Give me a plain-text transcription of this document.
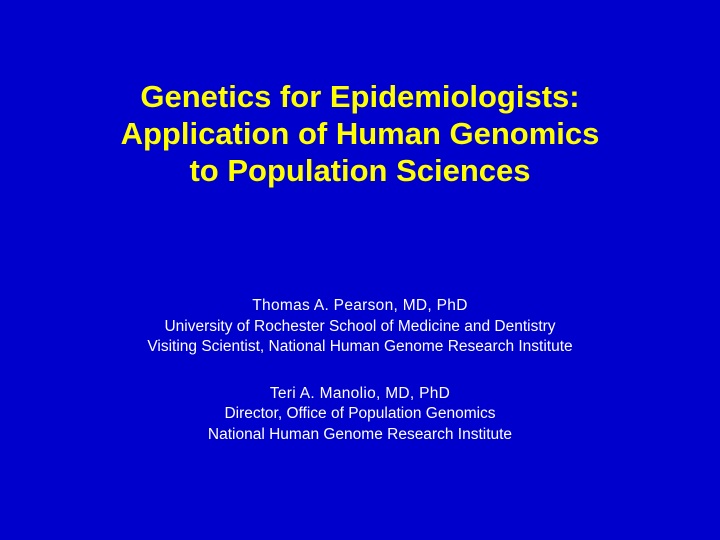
Genetics for Epidemiologists:
Application of Human Genomics
to Population Sciences
Thomas A. Pearson, MD, PhD
University of Rochester School of Medicine and Dentistry
Visiting Scientist, National Human Genome Research Institute
Teri A. Manolio, MD, PhD
Director, Office of Population Genomics
National Human Genome Research Institute
